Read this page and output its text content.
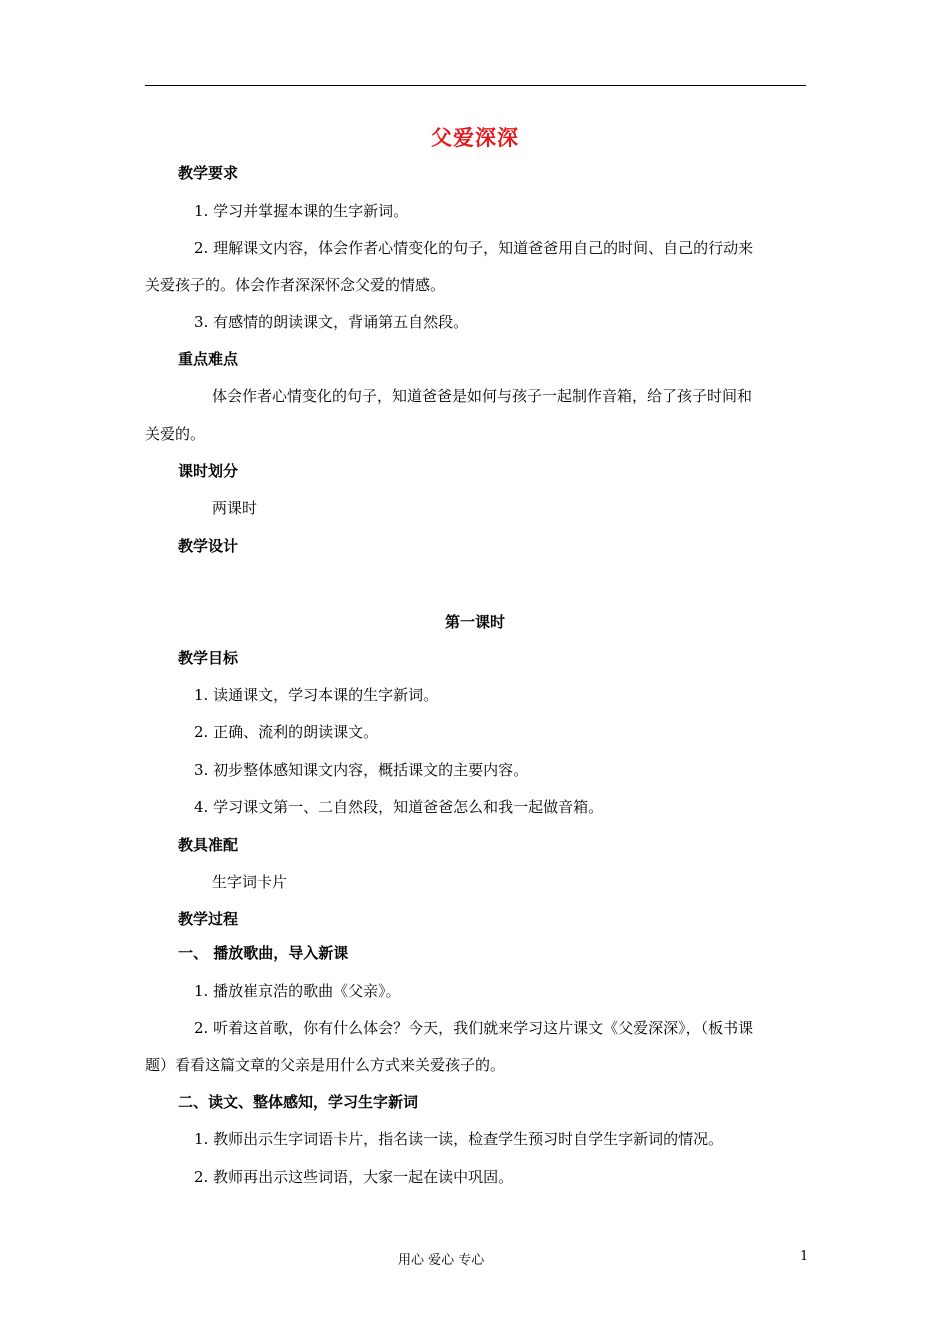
父爱深深
教学要求
1. 学习并掌握本课的生字新词。
2. 理解课文内容，体会作者心情变化的句子，知道爸爸用自己的时间、自己的行动来
关爱孩子的。体会作者深深怀念父爱的情感。
3. 有感情的朗读课文，背诵第五自然段。
重点难点
体会作者心情变化的句子，知道爸爸是如何与孩子一起制作音箱，给了孩子时间和
关爱的。
课时划分
两课时
教学设计
第一课时
教学目标
1. 读通课文，学习本课的生字新词。
2. 正确、流利的朗读课文。
3. 初步整体感知课文内容，概括课文的主要内容。
4. 学习课文第一、二自然段，知道爸爸怎么和我一起做音箱。
教具准配
生字词卡片
教学过程
一、 播放歌曲，导入新课
1. 播放崔京浩的歌曲《父亲》。
2. 听着这首歌，你有什么体会？今天，我们就来学习这片课文《父爱深深》，（板书课
题）看看这篇文章的父亲是用什么方式来关爱孩子的。
二、读文、整体感知，学习生字新词
1. 教师出示生字词语卡片，指名读一读，检查学生预习时自学生字新词的情况。
2. 教师再出示这些词语，大家一起在读中巩固。
用心 爱心 专心	1
